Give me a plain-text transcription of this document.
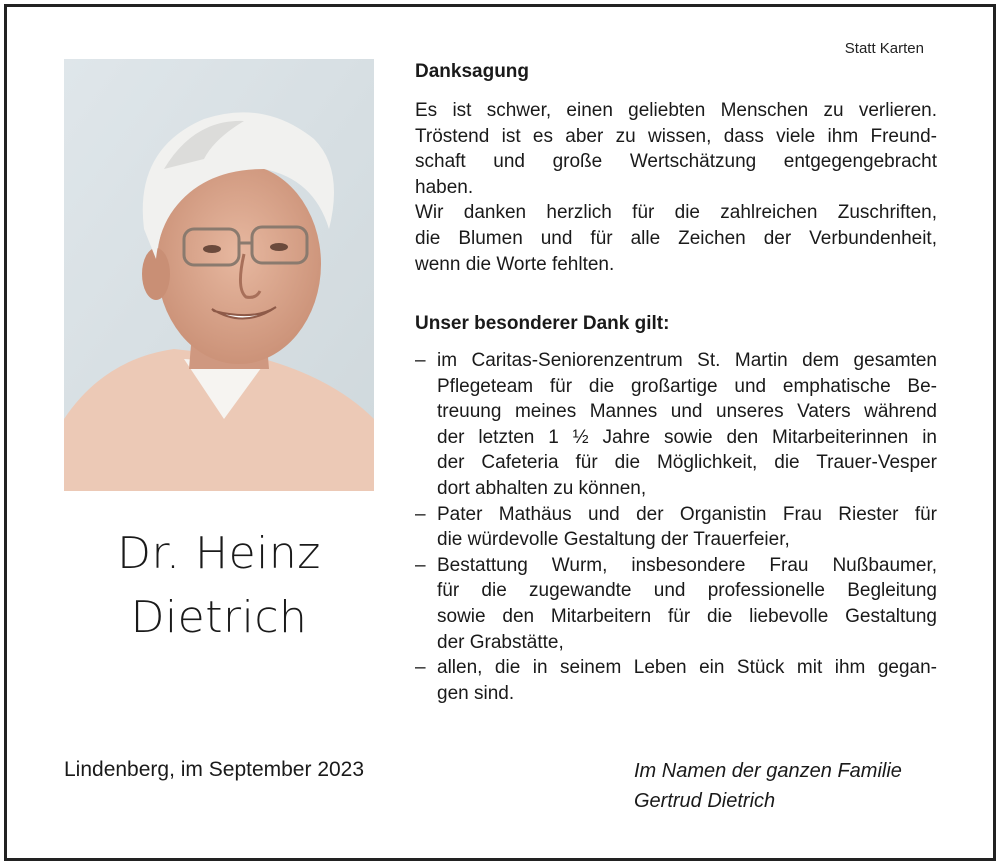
Dr. Heinz
Dietrich
Lindenberg, im September 2023
Statt Karten
Danksagung
Es ist schwer, einen geliebten Menschen zu verlieren.
Tröstend ist es aber zu wissen, dass viele ihm Freund-
schaft und große Wertschätzung entgegengebracht
haben.
Wir danken herzlich für die zahlreichen Zuschriften,
die Blumen und für alle Zeichen der Verbundenheit,
wenn die Worte fehlten.
Unser besonderer Dank gilt:
– im Caritas-Seniorenzentrum St. Martin dem gesamten
Pflegeteam für die großartige und emphatische Be-
treuung meines Mannes und unseres Vaters während
der letzten 1 ½ Jahre sowie den Mitarbeiterinnen in
der Cafeteria für die Möglichkeit, die Trauer-Vesper
dort abhalten zu können,
– Pater Mathäus und der Organistin Frau Riester für
die würdevolle Gestaltung der Trauerfeier,
– Bestattung Wurm, insbesondere Frau Nußbaumer,
für die zugewandte und professionelle Begleitung
sowie den Mitarbeitern für die liebevolle Gestaltung
der Grabstätte,
– allen, die in seinem Leben ein Stück mit ihm gegan-
gen sind.
Im Namen der ganzen Familie
Gertrud Dietrich
